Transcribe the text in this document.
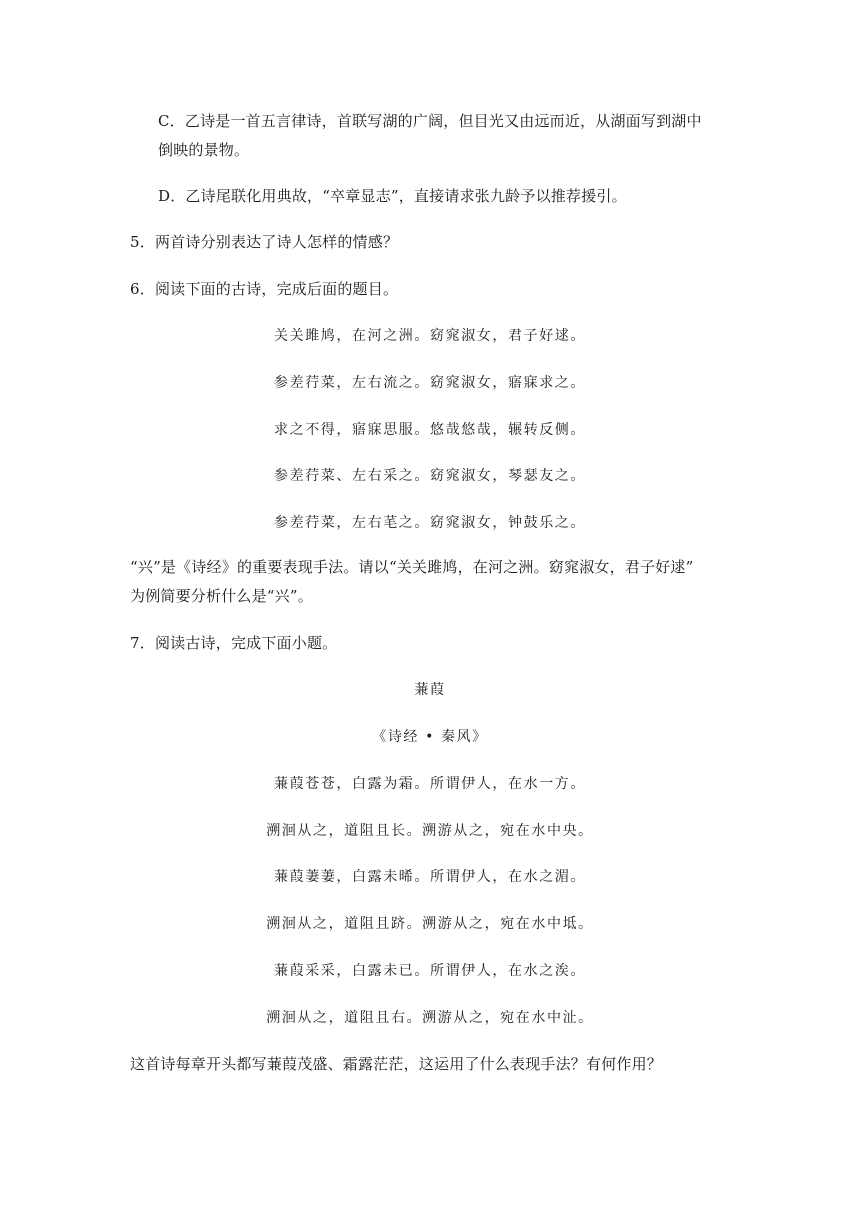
C．乙诗是一首五言律诗，首联写湖的广阔，但目光又由远而近，从湖面写到湖中

倒映的景物。

D．乙诗尾联化用典故，“卒章显志”，直接请求张九龄予以推荐援引。

5．两首诗分别表达了诗人怎样的情感？

6．阅读下面的古诗，完成后面的题目。

关关雎鸠，在河之洲。窈窕淑女，君子好逑。

参差荇菜，左右流之。窈窕淑女，寤寐求之。

求之不得，寤寐思服。悠哉悠哉，辗转反侧。

参差荇菜、左右采之。窈窕淑女，琴瑟友之。

参差荇菜，左右芼之。窈窕淑女，钟鼓乐之。

“兴”是《诗经》的重要表现手法。请以“关关雎鸠，在河之洲。窈窕淑女，君子好逑”

为例简要分析什么是“兴”。

7．阅读古诗，完成下面小题。

蒹葭

《诗经 • 秦风》

蒹葭苍苍，白露为霜。所谓伊人，在水一方。

溯洄从之，道阻且长。溯游从之，宛在水中央。

蒹葭萋萋，白露未晞。所谓伊人，在水之湄。

溯洄从之，道阻且跻。溯游从之，宛在水中坻。

蒹葭采采，白露未已。所谓伊人，在水之涘。

溯洄从之，道阻且右。溯游从之，宛在水中沚。

这首诗每章开头都写蒹葭茂盛、霜露茫茫，这运用了什么表现手法？有何作用？
